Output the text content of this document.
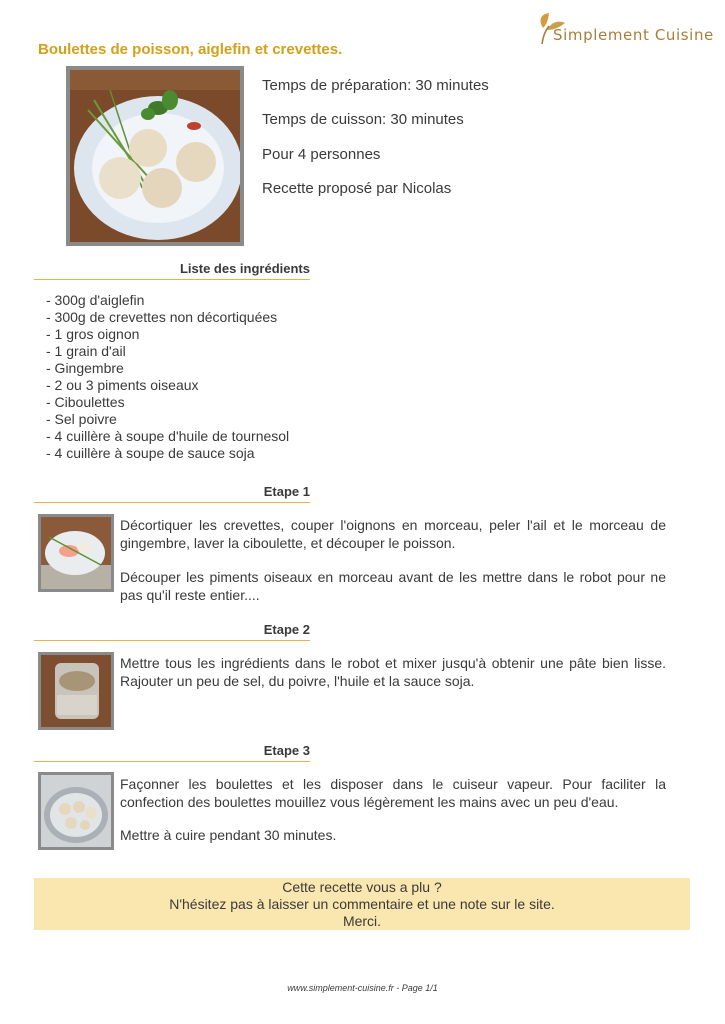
Simplement Cuisine
Boulettes de poisson, aiglefin et crevettes.
Temps de préparation: 30 minutes
Temps de cuisson: 30 minutes
Pour 4 personnes
Recette proposé par Nicolas
Liste des ingrédients
- 300g d'aiglefin
- 300g de crevettes non décortiquées
- 1 gros oignon
- 1 grain d'ail
- Gingembre
- 2 ou 3 piments oiseaux
- Ciboulettes
- Sel poivre
- 4 cuillère à soupe d'huile de tournesol
- 4 cuillère à soupe de sauce soja
Etape 1

Décortiquer les crevettes, couper l'oignons en morceau, peler l'ail et le morceau de gingembre, laver la ciboulette, et découper le poisson.

Découper les piments oiseaux en morceau avant de les mettre dans le robot pour ne pas qu'il reste entier....

Etape 2

Mettre tous les ingrédients dans le robot et mixer jusqu'à obtenir une pâte bien lisse. Rajouter un peu de sel, du poivre, l'huile et la sauce soja.

Etape 3

Façonner les boulettes et les disposer dans le cuiseur vapeur. Pour faciliter la confection des boulettes mouillez vous légèrement les mains avec un peu d'eau.

Mettre à cuire pendant 30 minutes.

Cette recette vous a plu ?
N'hésitez pas à laisser un commentaire et une note sur le site.
Merci.
www.simplement-cuisine.fr - Page 1/1
